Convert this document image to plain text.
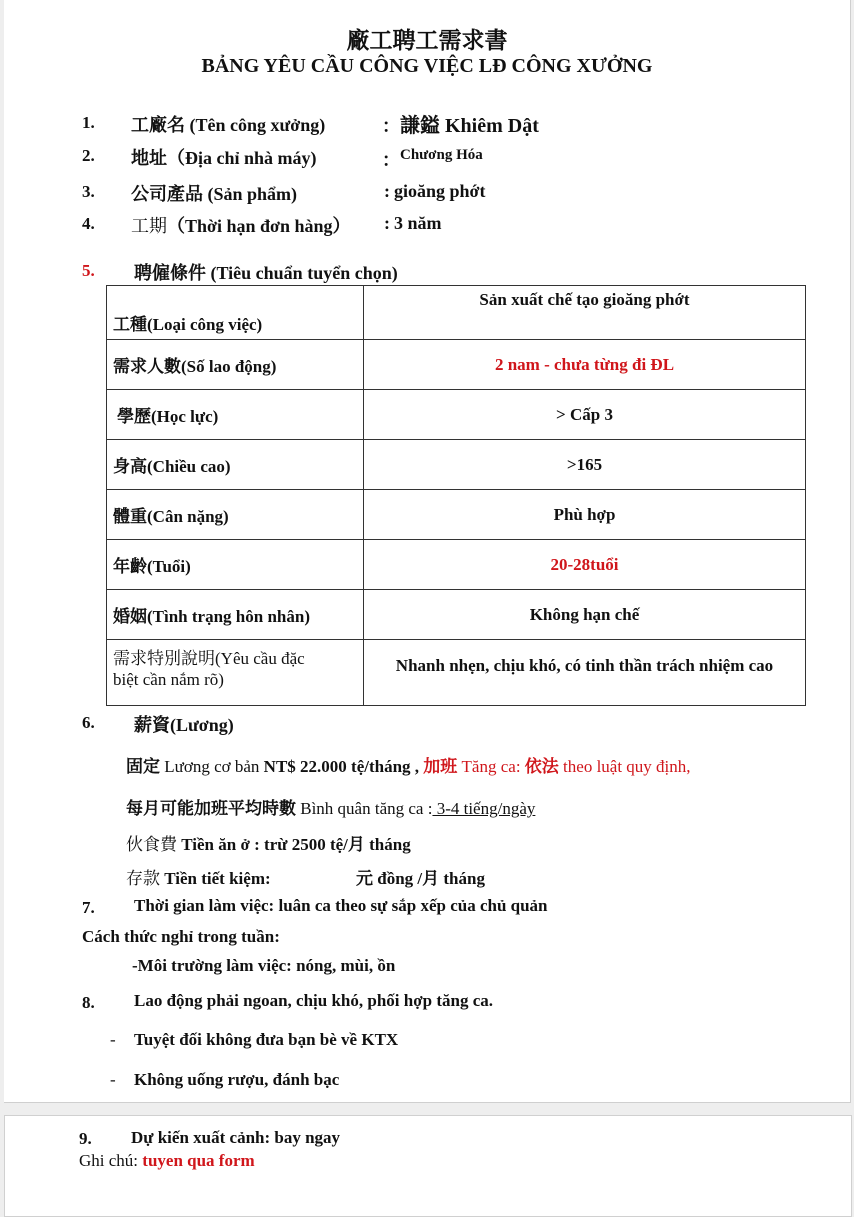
廠工聘工需求書
BẢNG YÊU CẦU CÔNG VIỆC LĐ CÔNG XƯỞNG
1. 工廠名 (Tên công xưởng)	： 謙鎰 Khiêm Dật
2. 地址（Địa chỉ nhà máy)	： Chương Hóa
3. 公司產品 (Sản phẩm)	: gioăng phớt
4. 工期（Thời hạn đơn hàng） : 3 năm
5. 聘僱條件 (Tiêu chuẩn tuyển chọn)
工種(Loại công việc)	Sản xuất chế tạo gioăng phớt
需求人數(Số lao động)	2 nam - chưa từng đi ĐL
學歷(Học lực)	> Cấp 3
身高(Chiều cao)	>165
體重(Cân nặng)	Phù hợp
年齡(Tuổi)	20-28tuổi
婚姻(Tình trạng hôn nhân)	Không hạn chế
需求特別說明(Yêu cầu đặc
biệt cần nắm rõ)	Nhanh nhẹn, chịu khó, có tinh thần trách nhiệm cao
6. 薪資(Lương)
固定 Lương cơ bản NT$ 22.000 tệ/tháng , 加班 Tăng ca: 依法 theo luật quy định,
每月可能加班平均時數 Bình quân tăng ca : 3-4 tiếng/ngày
伙食費 Tiền ăn ở : trừ 2500 tệ/月 tháng
存款 Tiền tiết kiệm:	元 đồng /月 tháng
7. Thời gian làm việc: luân ca theo sự sắp xếp của chủ quản
Cách thức nghỉ trong tuần:
-Môi trường làm việc: nóng, mùi, ồn
8. Lao động phải ngoan, chịu khó, phối hợp tăng ca.
- Tuyệt đối không đưa bạn bè về KTX
- Không uống rượu, đánh bạc
9. Dự kiến xuất cảnh: bay ngay
Ghi chú: tuyen qua form
